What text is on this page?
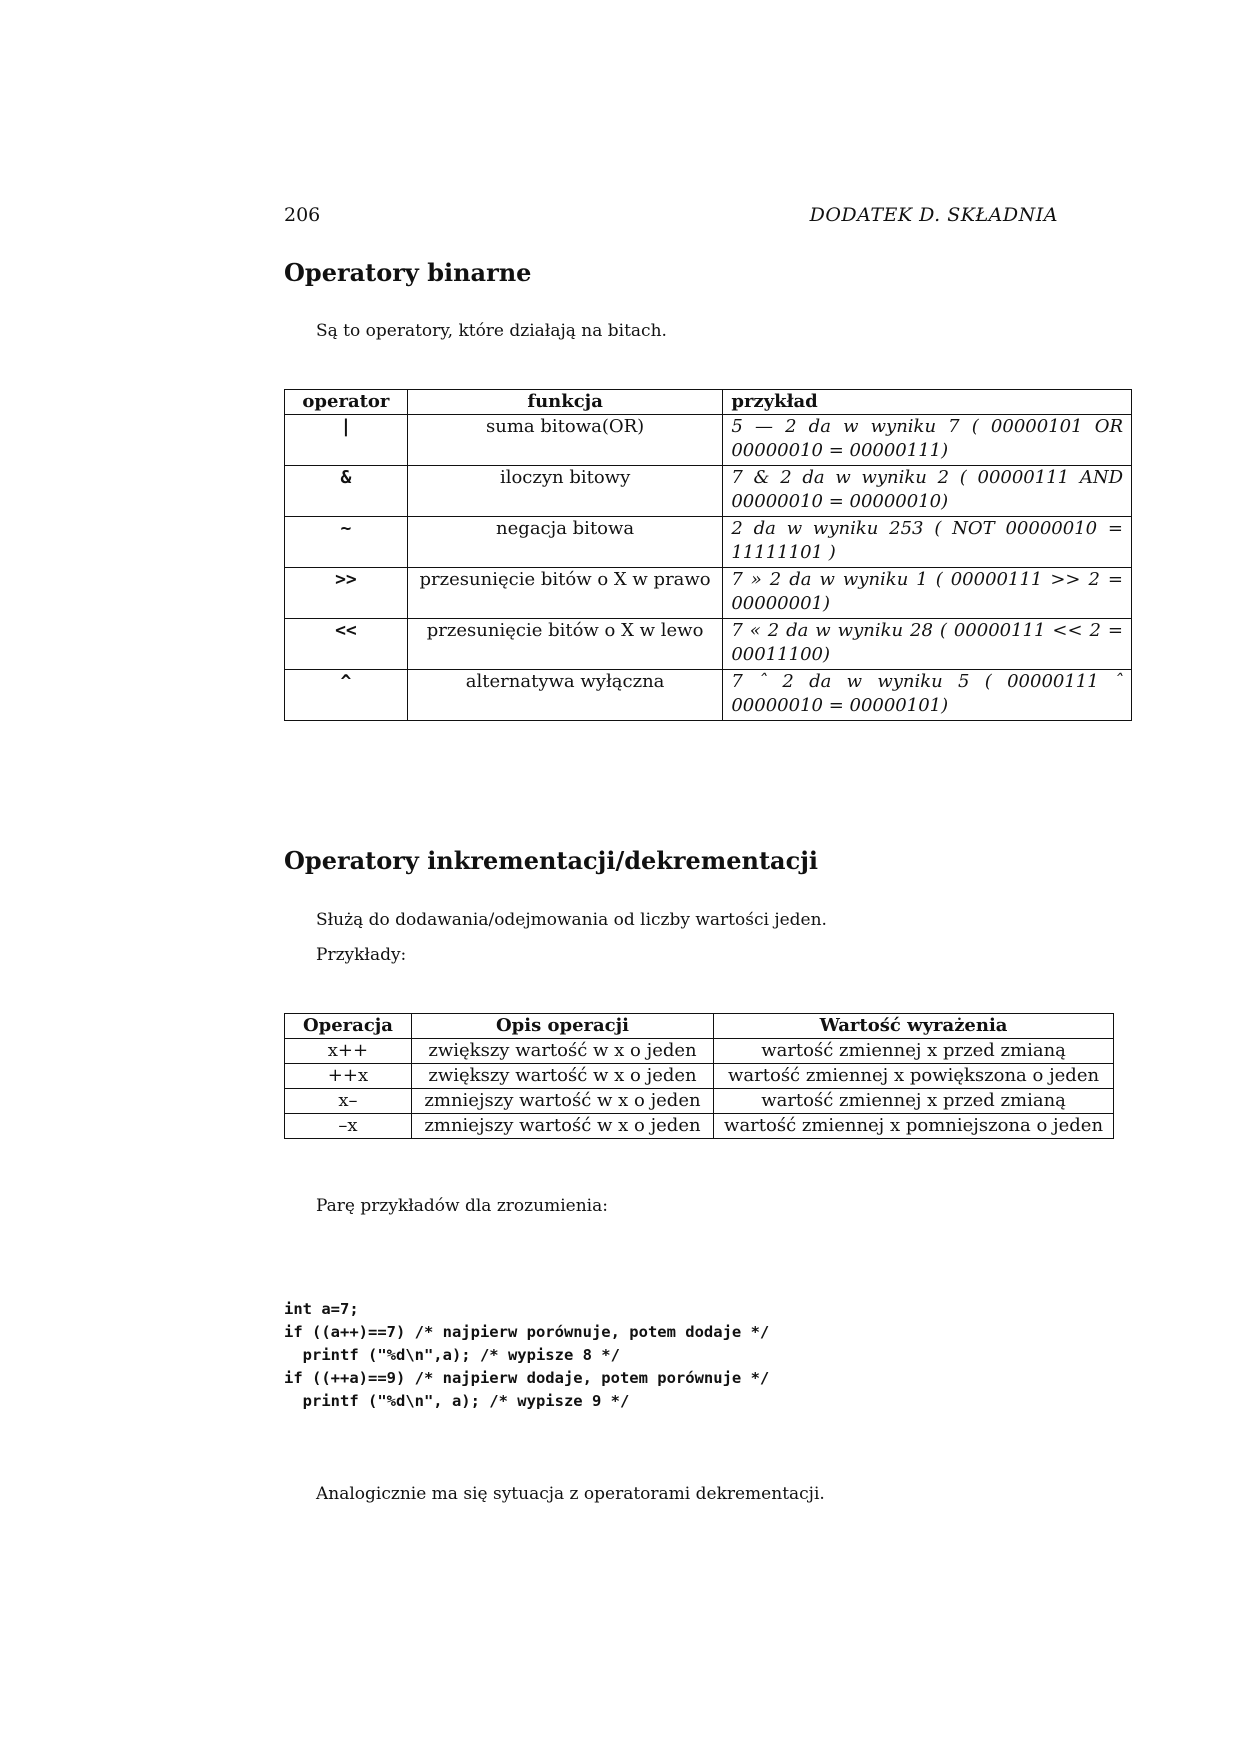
206	DODATEK D. SKŁADNIA
Operatory binarne

Są to operatory, które działają na bitach.

operator	funkcja	przykład
|	suma bitowa(OR)	5 — 2 da w wyniku 7 ( 00000101 OR 00000010 = 00000111)
&	iloczyn bitowy	7 & 2 da w wyniku 2 ( 00000111 AND 00000010 = 00000010)
~	negacja bitowa	2 da w wyniku 253 ( NOT 00000010 = 11111101 )
>>	przesunięcie bitów o X w prawo	7 » 2 da w wyniku 1 ( 00000111 >> 2 = 00000001)
<<	przesunięcie bitów o X w lewo	7 « 2 da w wyniku 28 ( 00000111 << 2 = 00011100)
^	alternatywa wyłączna	7 ˆ 2 da w wyniku 5 ( 00000111 ˆ 00000010 = 00000101)
Operatory inkrementacji/dekrementacji

Służą do dodawania/odejmowania od liczby wartości jeden.

Przykłady:

Operacja	Opis operacji	Wartość wyrażenia
x++	zwiększy wartość w x o jeden	wartość zmiennej x przed zmianą
++x	zwiększy wartość w x o jeden	wartość zmiennej x powiększona o jeden
x–	zmniejszy wartość w x o jeden	wartość zmiennej x przed zmianą
–x	zmniejszy wartość w x o jeden	wartość zmiennej x pomniejszona o jeden

Parę przykładów dla zrozumienia:

int a=7;
if ((a++)==7) /* najpierw porównuje, potem dodaje */
printf ("%d\n",a); /* wypisze 8 */
if ((++a)==9) /* najpierw dodaje, potem porównuje */
printf ("%d\n", a); /* wypisze 9 */

Analogicznie ma się sytuacja z operatorami dekrementacji.
